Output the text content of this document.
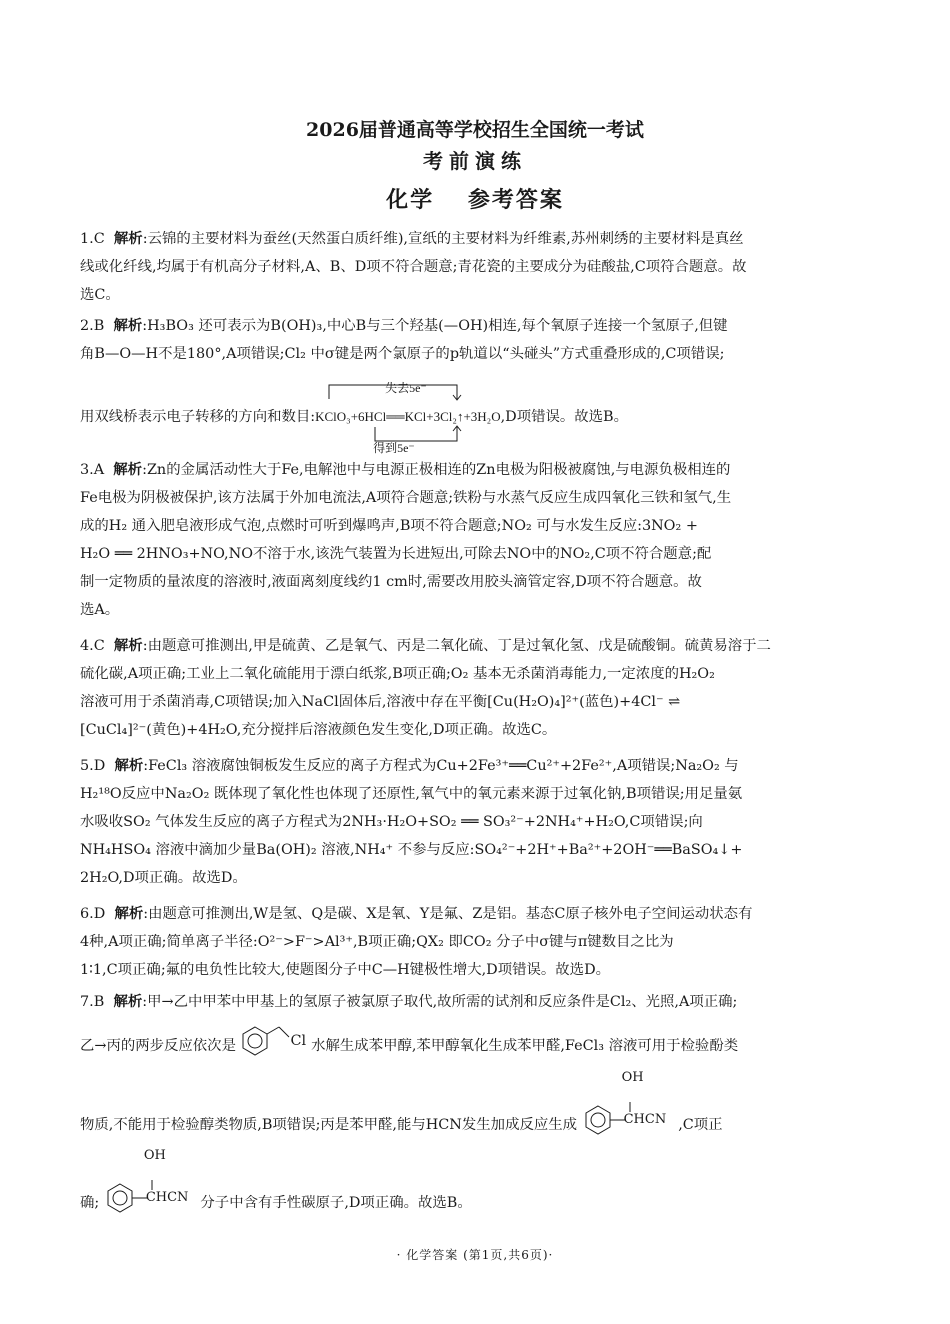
2026届普通高等学校招生全国统一考试
考前演练
化学 参考答案
1.C 解析:云锦的主要材料为蚕丝(天然蛋白质纤维),宣纸的主要材料为纤维素,苏州刺绣的主要材料是真丝
线或化纤线,均属于有机高分子材料,A、B、D项不符合题意;青花瓷的主要成分为硅酸盐,C项符合题意。故
选C。
2.B 解析:H₃BO₃ 还可表示为B(OH)₃,中心B与三个羟基(—OH)相连,每个氧原子连接一个氢原子,但键
角B—O—H不是180°,A项错误;Cl₂ 中σ键是两个氯原子的p轨道以“头碰头”方式重叠形成的,C项错误;
用双线桥表示电子转移的方向和数目:KClO₃+6HCl══KCl+3Cl₂↑+3H₂O
失去5e⁻
得到5e⁻
,D项错误。故选B。
3.A 解析:Zn的金属活动性大于Fe,电解池中与电源正极相连的Zn电极为阳极被腐蚀,与电源负极相连的
Fe电极为阴极被保护,该方法属于外加电流法,A项符合题意;铁粉与水蒸气反应生成四氧化三铁和氢气,生
成的H₂ 通入肥皂液形成气泡,点燃时可听到爆鸣声,B项不符合题意;NO₂ 可与水发生反应:3NO₂ +
H₂O ══ 2HNO₃+NO,NO不溶于水,该洗气装置为长进短出,可除去NO中的NO₂,C项不符合题意;配
制一定物质的量浓度的溶液时,液面离刻度线约1 cm时,需要改用胶头滴管定容,D项不符合题意。故
选A。
4.C 解析:由题意可推测出,甲是硫黄、乙是氧气、丙是二氧化硫、丁是过氧化氢、戊是硫酸铜。硫黄易溶于二
硫化碳,A项正确;工业上二氧化硫能用于漂白纸浆,B项正确;O₂ 基本无杀菌消毒能力,一定浓度的H₂O₂
溶液可用于杀菌消毒,C项错误;加入NaCl固体后,溶液中存在平衡[Cu(H₂O)₄]²⁺(蓝色)+4Cl⁻ ⇌
[CuCl₄]²⁻(黄色)+4H₂O,充分搅拌后溶液颜色发生变化,D项正确。故选C。
5.D 解析:FeCl₃ 溶液腐蚀铜板发生反应的离子方程式为Cu+2Fe³⁺══Cu²⁺+2Fe²⁺,A项错误;Na₂O₂ 与
H₂¹⁸O反应中Na₂O₂ 既体现了氧化性也体现了还原性,氧气中的氧元素来源于过氧化钠,B项错误;用足量氨
水吸收SO₂ 气体发生反应的离子方程式为2NH₃·H₂O+SO₂ ══ SO₃²⁻+2NH₄⁺+H₂O,C项错误;向
NH₄HSO₄ 溶液中滴加少量Ba(OH)₂ 溶液,NH₄⁺ 不参与反应:SO₄²⁻+2H⁺+Ba²⁺+2OH⁻══BaSO₄↓+
2H₂O,D项正确。故选D。
6.D 解析:由题意可推测出,W是氢、Q是碳、X是氧、Y是氟、Z是铝。基态C原子核外电子空间运动状态有
4种,A项正确;简单离子半径:O²⁻>F⁻>Al³⁺,B项正确;QX₂ 即CO₂ 分子中σ键与π键数目之比为
1∶1,C项正确;氟的电负性比较大,使题图分子中C—H键极性增大,D项错误。故选D。
7.B 解析:甲→乙中甲苯中甲基上的氢原子被氯原子取代,故所需的试剂和反应条件是Cl₂、光照,A项正确;
乙→丙的两步反应依次是	Cl 水解生成苯甲醇,苯甲醇氧化生成苯甲醛,FeCl₃ 溶液可用于检验酚类
物质,不能用于检验醇类物质,B项错误;丙是苯甲醛,能与HCN发生加成反应生成
OH
CHCN ,C项正
确;
OH
CHCN 分子中含有手性碳原子,D项正确。故选B。
· 化学答案 (第1页,共6页)·
